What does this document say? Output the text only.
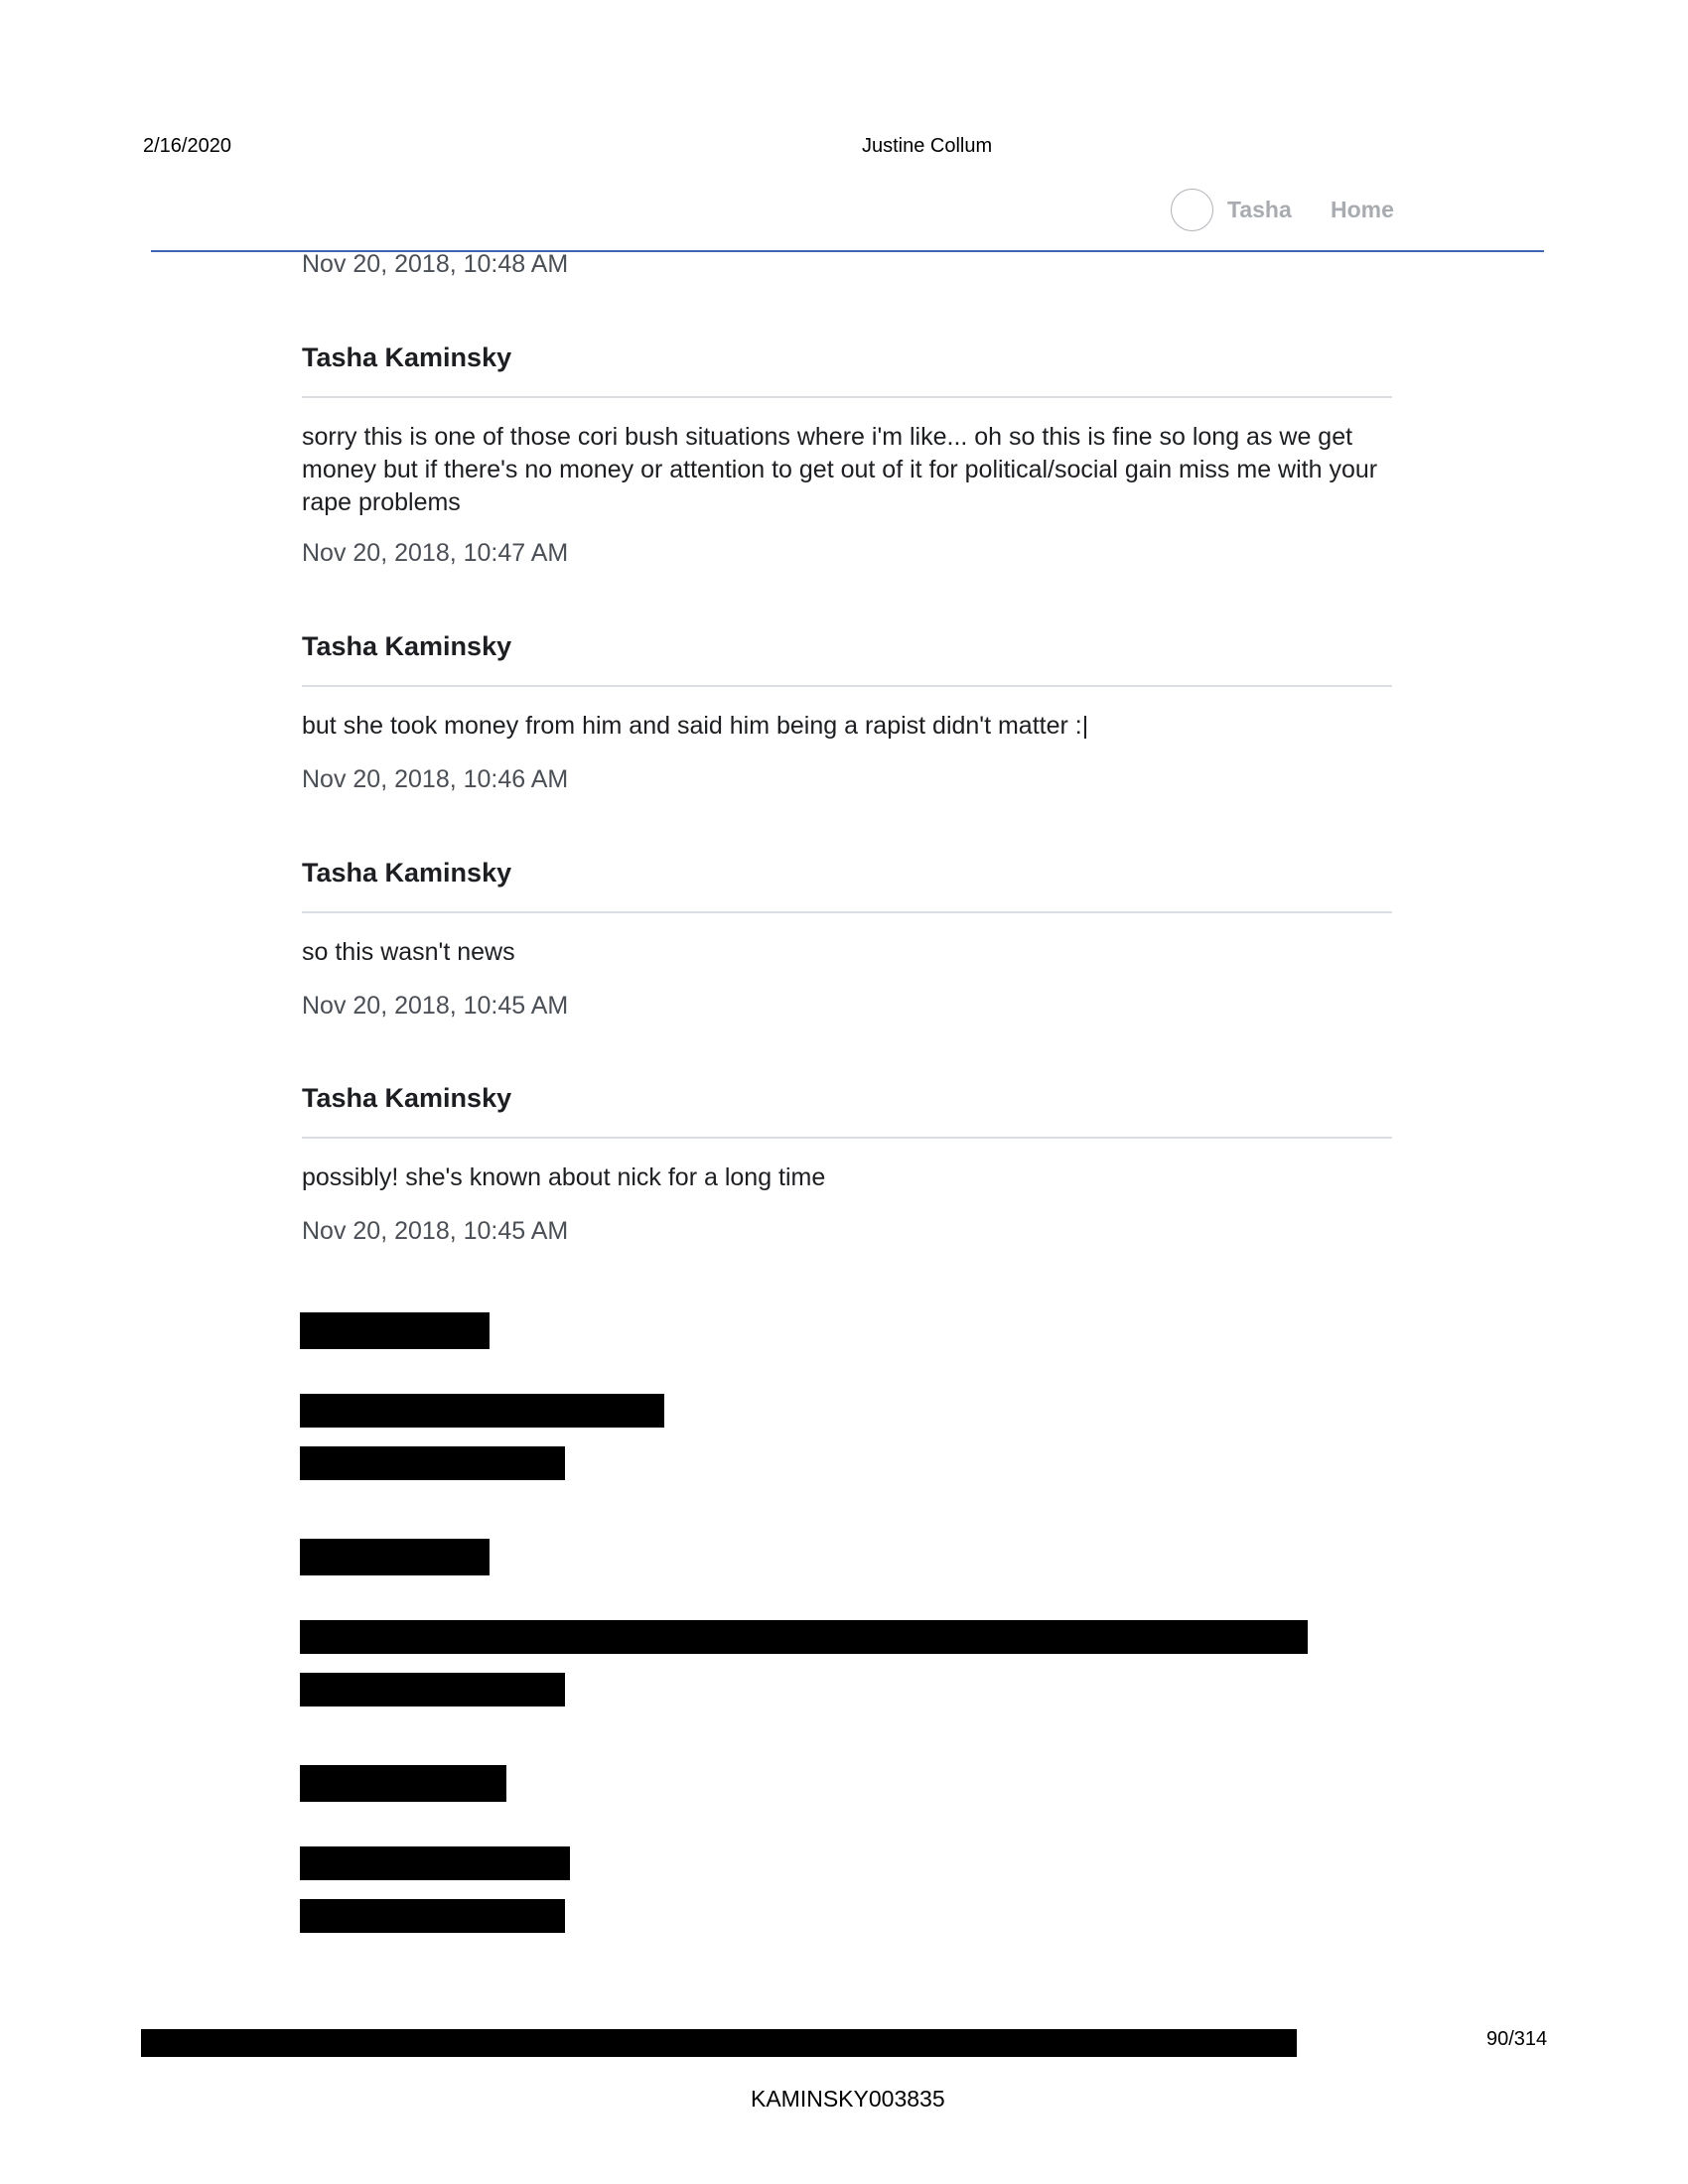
2/16/2020	Justine Collum
Tasha Home
Nov 20, 2018, 10:48 AM
Tasha Kaminsky
sorry this is one of those cori bush situations where i'm like... oh so this is fine so long as we get money but if there's no money or attention to get out of it for political/social gain miss me with your rape problems
Nov 20, 2018, 10:47 AM
Tasha Kaminsky
but she took money from him and said him being a rapist didn't matter :|
Nov 20, 2018, 10:46 AM
Tasha Kaminsky
so this wasn't news
Nov 20, 2018, 10:45 AM
Tasha Kaminsky
possibly! she's known about nick for a long time
Nov 20, 2018, 10:45 AM
90/314
KAMINSKY003835
